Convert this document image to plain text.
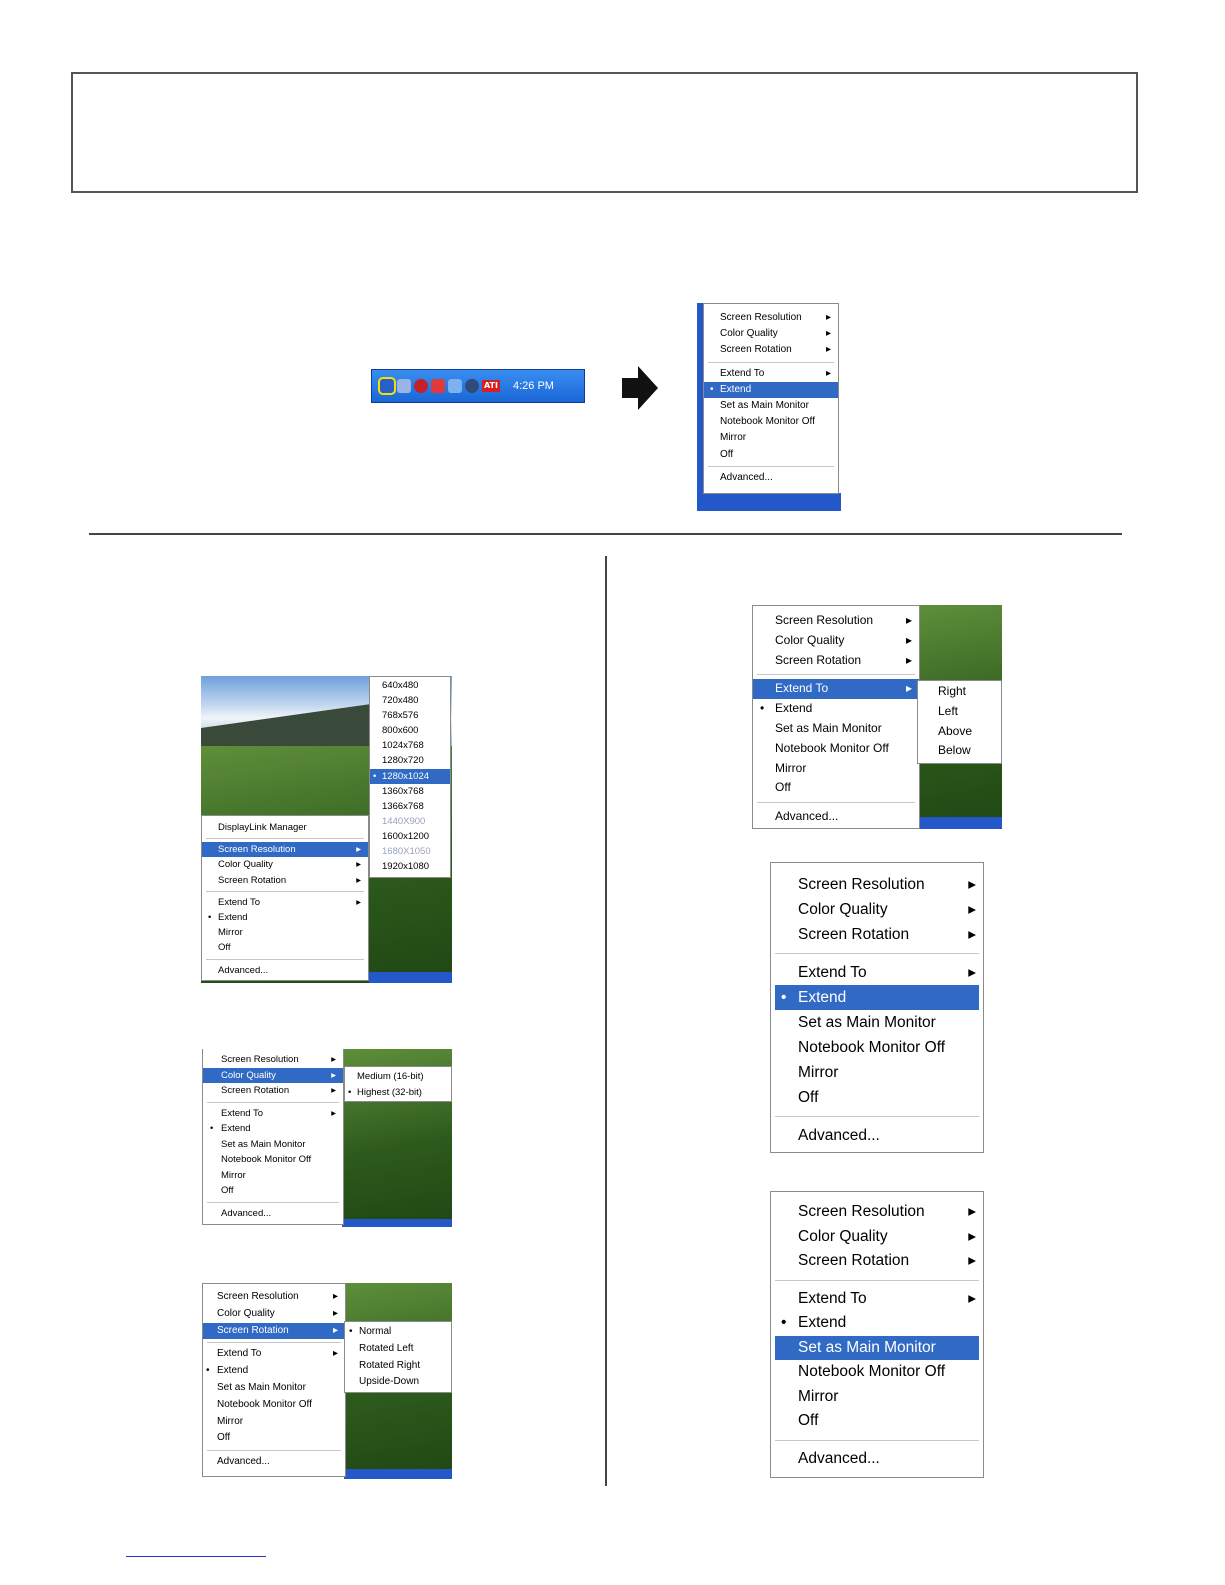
ATI 4:26 PM
Screen Resolution ▸
Color Quality	▸
Screen Rotation	▸
Extend To	▸
• Extend
Set as Main Monitor
Notebook Monitor Off
Mirror
Off
Advanced...
DisplayLink Manager
Screen Resolution	▸
Color Quality	▸
Screen Rotation	▸
Extend To	▸
• Extend
Mirror
Off
Advanced...
640x480
720x480
768x576
800x600
1024x768
1280x720
• 1280x1024
1360x768
1366x768
1440X900
1600x1200
1680X1050
1920x1080
Screen Resolution	▸
Color Quality	▸
Screen Rotation	▸
Extend To	▸
• Extend
Set as Main Monitor
Notebook Monitor Off
Mirror
Off
Advanced...
Medium (16-bit)
• Highest (32-bit)
Screen Resolution	▸
Color Quality	▸
Screen Rotation	▸
Extend To	▸
• Extend
Set as Main Monitor
Notebook Monitor Off
Mirror
Off
Advanced...
• Normal
Rotated Left
Rotated Right
Upside-Down
Screen Resolution	▸
Color Quality	▸
Screen Rotation	▸
Extend To	▸
• Extend
Set as Main Monitor
Notebook Monitor Off
Mirror
Off
Advanced...
Right
Left
Above
Below
Screen Resolution	▸
Color Quality	▸
Screen Rotation	▸
Extend To	▸
• Extend
Set as Main Monitor
Notebook Monitor Off
Mirror
Off
Advanced...
Screen Resolution	▸
Color Quality	▸
Screen Rotation	▸
Extend To	▸
• Extend
Set as Main Monitor
Notebook Monitor Off
Mirror
Off
Advanced...
